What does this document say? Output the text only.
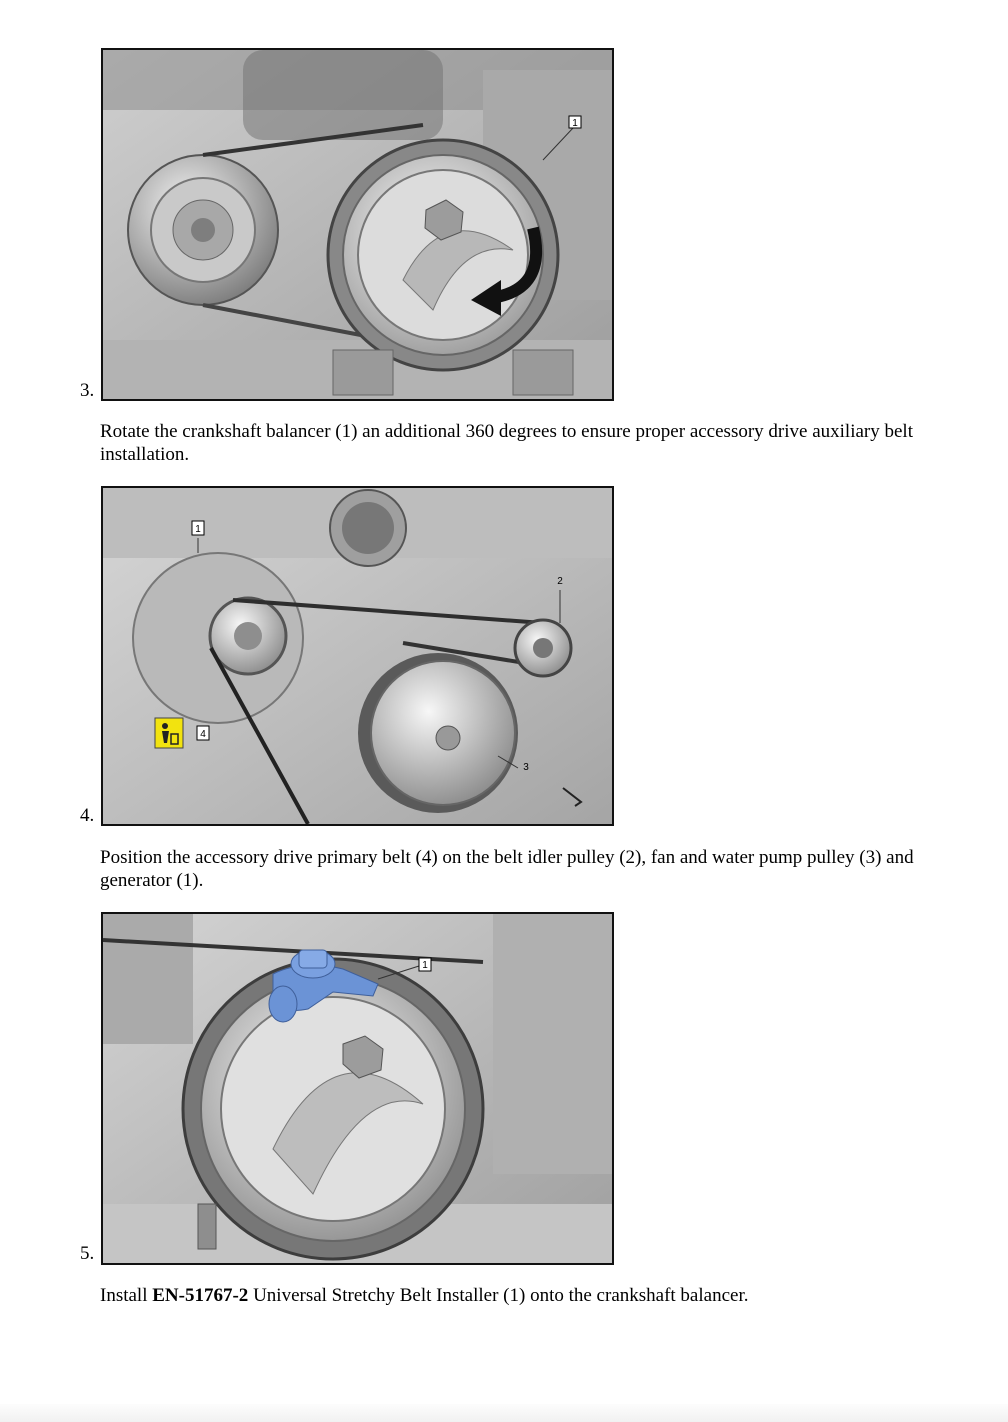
1
3.
Rotate the crankshaft balancer (1) an additional 360 degrees to ensure proper accessory drive auxiliary belt installation.
1
2
3
4
4.
Position the accessory drive primary belt (4) on the belt idler pulley (2), fan and water pump pulley (3) and generator (1).
1
5.
Install EN-51767-2 Universal Stretchy Belt Installer (1) onto the crankshaft balancer.
